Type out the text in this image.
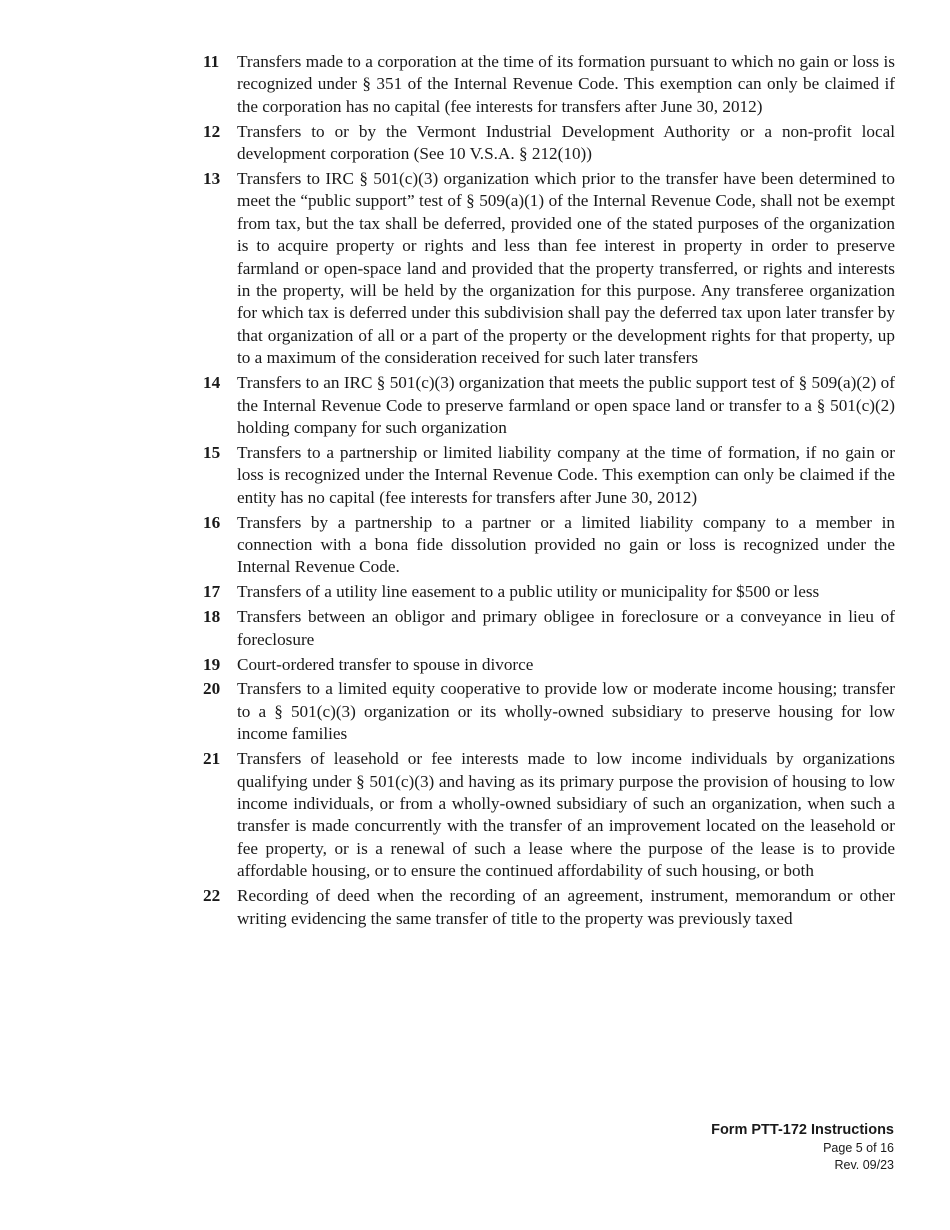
11	Transfers made to a corporation at the time of its formation pursuant to which no gain or loss is recognized under § 351 of the Internal Revenue Code. This exemption can only be claimed if the corporation has no capital (fee interests for transfers after June 30, 2012)
12 Transfers to or by the Vermont Industrial Development Authority or a non-profit local development corporation (See 10 V.S.A. § 212(10))
13 Transfers to IRC § 501(c)(3) organization which prior to the transfer have been determined to meet the “public support” test of § 509(a)(1) of the Internal Revenue Code, shall not be exempt from tax, but the tax shall be deferred, provided one of the stated purposes of the organization is to acquire property or rights and less than fee interest in property in order to preserve farmland or open-space land and provided that the property transferred, or rights and interests in the property, will be held by the organization for this purpose. Any transferee organization for which tax is deferred under this subdivision shall pay the deferred tax upon later transfer by that organization of all or a part of the property or the development rights for that property, up to a maximum of the consideration received for such later transfers
14 Transfers to an IRC § 501(c)(3) organization that meets the public support test of § 509(a)(2) of the Internal Revenue Code to preserve farmland or open space land or transfer to a § 501(c)(2) holding company for such organization
15 Transfers to a partnership or limited liability company at the time of formation, if no gain or loss is recognized under the Internal Revenue Code. This exemption can only be claimed if the entity has no capital (fee interests for transfers after June 30, 2012)
16 Transfers by a partnership to a partner or a limited liability company to a member in connection with a bona fide dissolution provided no gain or loss is recognized under the Internal Revenue Code.
17 Transfers of a utility line easement to a public utility or municipality for $500 or less
18 Transfers between an obligor and primary obligee in foreclosure or a conveyance in lieu of foreclosure
19 Court-ordered transfer to spouse in divorce
20 Transfers to a limited equity cooperative to provide low or moderate income housing; transfer to a § 501(c)(3) organization or its wholly-owned subsidiary to preserve housing for low income families
21 Transfers of leasehold or fee interests made to low income individuals by organizations qualifying under § 501(c)(3) and having as its primary purpose the provision of housing to low income individuals, or from a wholly-owned subsidiary of such an organization, when such a transfer is made concurrently with the transfer of an improvement located on the leasehold or fee property, or is a renewal of such a lease where the purpose of the lease is to provide affordable housing, or to ensure the continued affordability of such housing, or both
22 Recording of deed when the recording of an agreement, instrument, memorandum or other writing evidencing the same transfer of title to the property was previously taxed
Form PTT-172 Instructions
Page 5 of 16
Rev. 09/23
